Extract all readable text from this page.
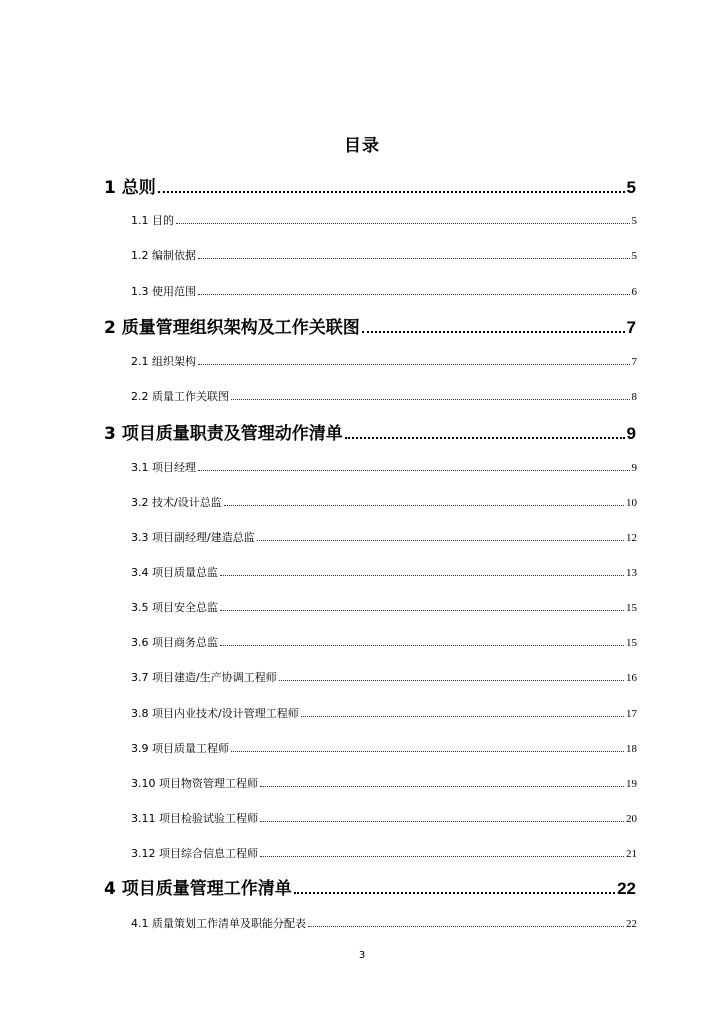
目录
1 总则	5
1.1 目的	5
1.2 编制依据	5
1.3 使用范围	6
2 质量管理组织架构及工作关联图	7
2.1 组织架构	7
2.2 质量工作关联图	8
3 项目质量职责及管理动作清单	9
3.1 项目经理	9
3.2 技术/设计总监	10
3.3 项目副经理/建造总监	12
3.4 项目质量总监	13
3.5 项目安全总监	15
3.6 项目商务总监	15
3.7 项目建造/生产协调工程师	16
3.8 项目内业技术/设计管理工程师	17
3.9 项目质量工程师	18
3.10 项目物资管理工程师	19
3.11 项目检验试验工程师	20
3.12 项目综合信息工程师	21
4 项目质量管理工作清单	22
4.1 质量策划工作清单及职能分配表	22
3
